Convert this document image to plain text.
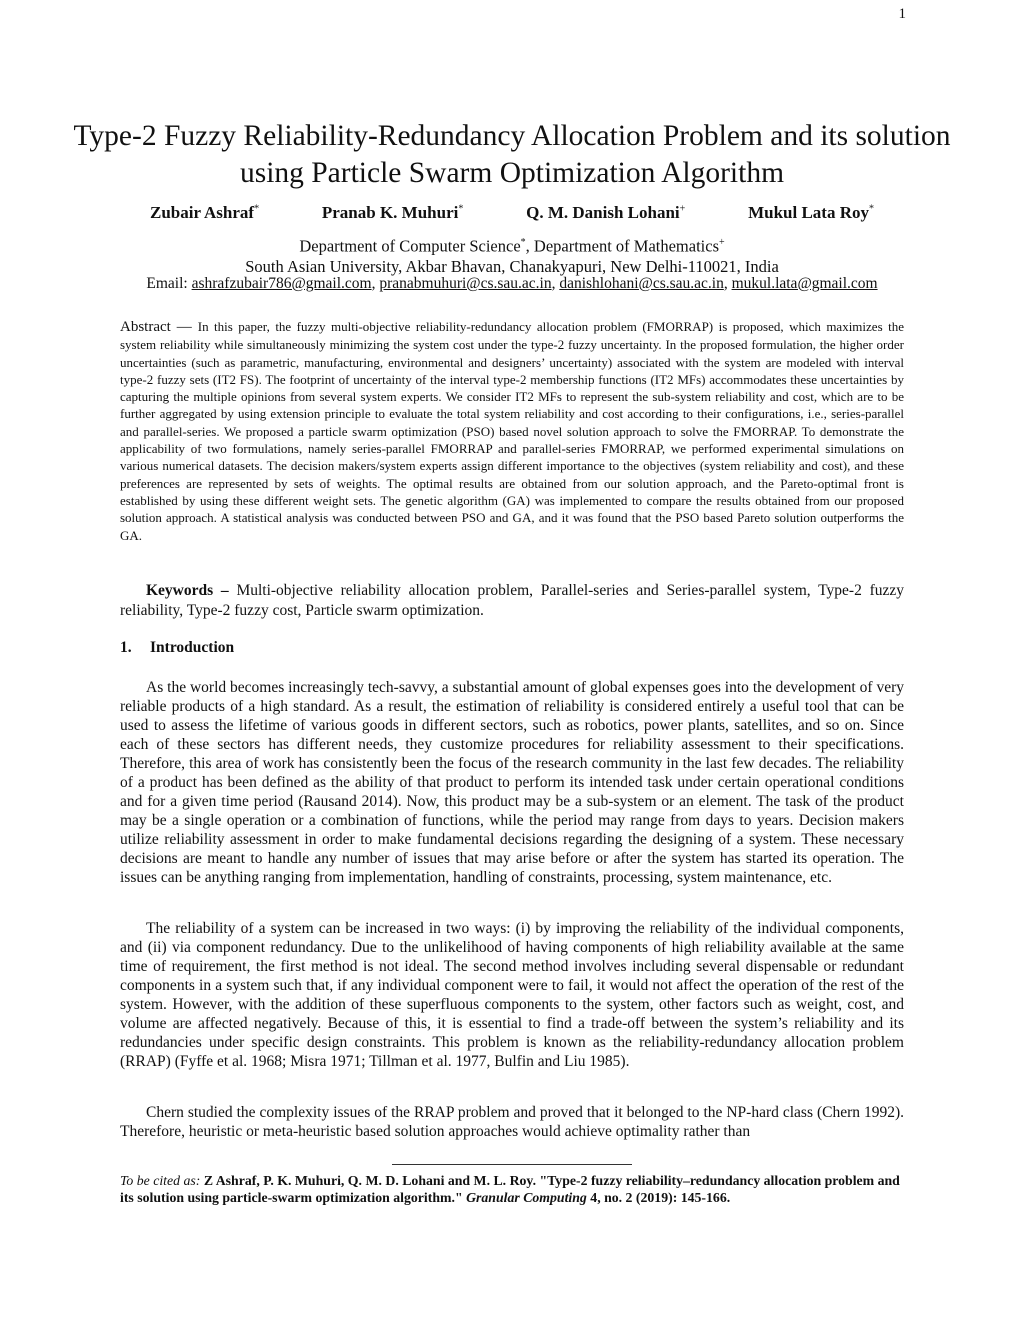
1
Type-2 Fuzzy Reliability-Redundancy Allocation Problem and its solution using Particle Swarm Optimization Algorithm
Zubair Ashraf*	Pranab K. Muhuri*	Q. M. Danish Lohani+	Mukul Lata Roy*
Department of Computer Science*, Department of Mathematics+
South Asian University, Akbar Bhavan, Chanakyapuri, New Delhi-110021, India
Email: ashrafzubair786@gmail.com, pranabmuhuri@cs.sau.ac.in, danishlohani@cs.sau.ac.in, mukul.lata@gmail.com
Abstract — In this paper, the fuzzy multi-objective reliability-redundancy allocation problem (FMORRAP) is proposed, which maximizes the system reliability while simultaneously minimizing the system cost under the type-2 fuzzy uncertainty. In the proposed formulation, the higher order uncertainties (such as parametric, manufacturing, environmental and designers’ uncertainty) associated with the system are modeled with interval type-2 fuzzy sets (IT2 FS). The footprint of uncertainty of the interval type-2 membership functions (IT2 MFs) accommodates these uncertainties by capturing the multiple opinions from several system experts. We consider IT2 MFs to represent the sub-system reliability and cost, which are to be further aggregated by using extension principle to evaluate the total system reliability and cost according to their configurations, i.e., series-parallel and parallel-series. We proposed a particle swarm optimization (PSO) based novel solution approach to solve the FMORRAP. To demonstrate the applicability of two formulations, namely series-parallel FMORRAP and parallel-series FMORRAP, we performed experimental simulations on various numerical datasets. The decision makers/system experts assign different importance to the objectives (system reliability and cost), and these preferences are represented by sets of weights. The optimal results are obtained from our solution approach, and the Pareto-optimal front is established by using these different weight sets. The genetic algorithm (GA) was implemented to compare the results obtained from our proposed solution approach. A statistical analysis was conducted between PSO and GA, and it was found that the PSO based Pareto solution outperforms the GA.
Keywords – Multi-objective reliability allocation problem, Parallel-series and Series-parallel system, Type-2 fuzzy reliability, Type-2 fuzzy cost, Particle swarm optimization.
1. Introduction

As the world becomes increasingly tech-savvy, a substantial amount of global expenses goes into the development of very reliable products of a high standard. As a result, the estimation of reliability is considered entirely a useful tool that can be used to assess the lifetime of various goods in different sectors, such as robotics, power plants, satellites, and so on. Since each of these sectors has different needs, they customize procedures for reliability assessment to their specifications. Therefore, this area of work has consistently been the focus of the research community in the last few decades. The reliability of a product has been defined as the ability of that product to perform its intended task under certain operational conditions and for a given time period (Rausand 2014). Now, this product may be a sub-system or an element. The task of the product may be a single operation or a combination of functions, while the period may range from days to years. Decision makers utilize reliability assessment in order to make fundamental decisions regarding the designing of a system. These necessary decisions are meant to handle any number of issues that may arise before or after the system has started its operation. The issues can be anything ranging from implementation, handling of constraints, processing, system maintenance, etc.

The reliability of a system can be increased in two ways: (i) by improving the reliability of the individual components, and (ii) via component redundancy. Due to the unlikelihood of having components of high reliability available at the same time of requirement, the first method is not ideal. The second method involves including several dispensable or redundant components in a system such that, if any individual component were to fail, it would not affect the operation of the rest of the system. However, with the addition of these superfluous components to the system, other factors such as weight, cost, and volume are affected negatively. Because of this, it is essential to find a trade-off between the system’s reliability and its redundancies under specific design constraints. This problem is known as the reliability-redundancy allocation problem (RRAP) (Fyffe et al. 1968; Misra 1971; Tillman et al. 1977, Bulfin and Liu 1985).

Chern studied the complexity issues of the RRAP problem and proved that it belonged to the NP-hard class (Chern 1992). Therefore, heuristic or meta-heuristic based solution approaches would achieve optimality rather than

To be cited as: Z Ashraf, P. K. Muhuri, Q. M. D. Lohani and M. L. Roy. "Type-2 fuzzy reliability–redundancy allocation problem and its solution using particle-swarm optimization algorithm." Granular Computing 4, no. 2 (2019): 145-166.
